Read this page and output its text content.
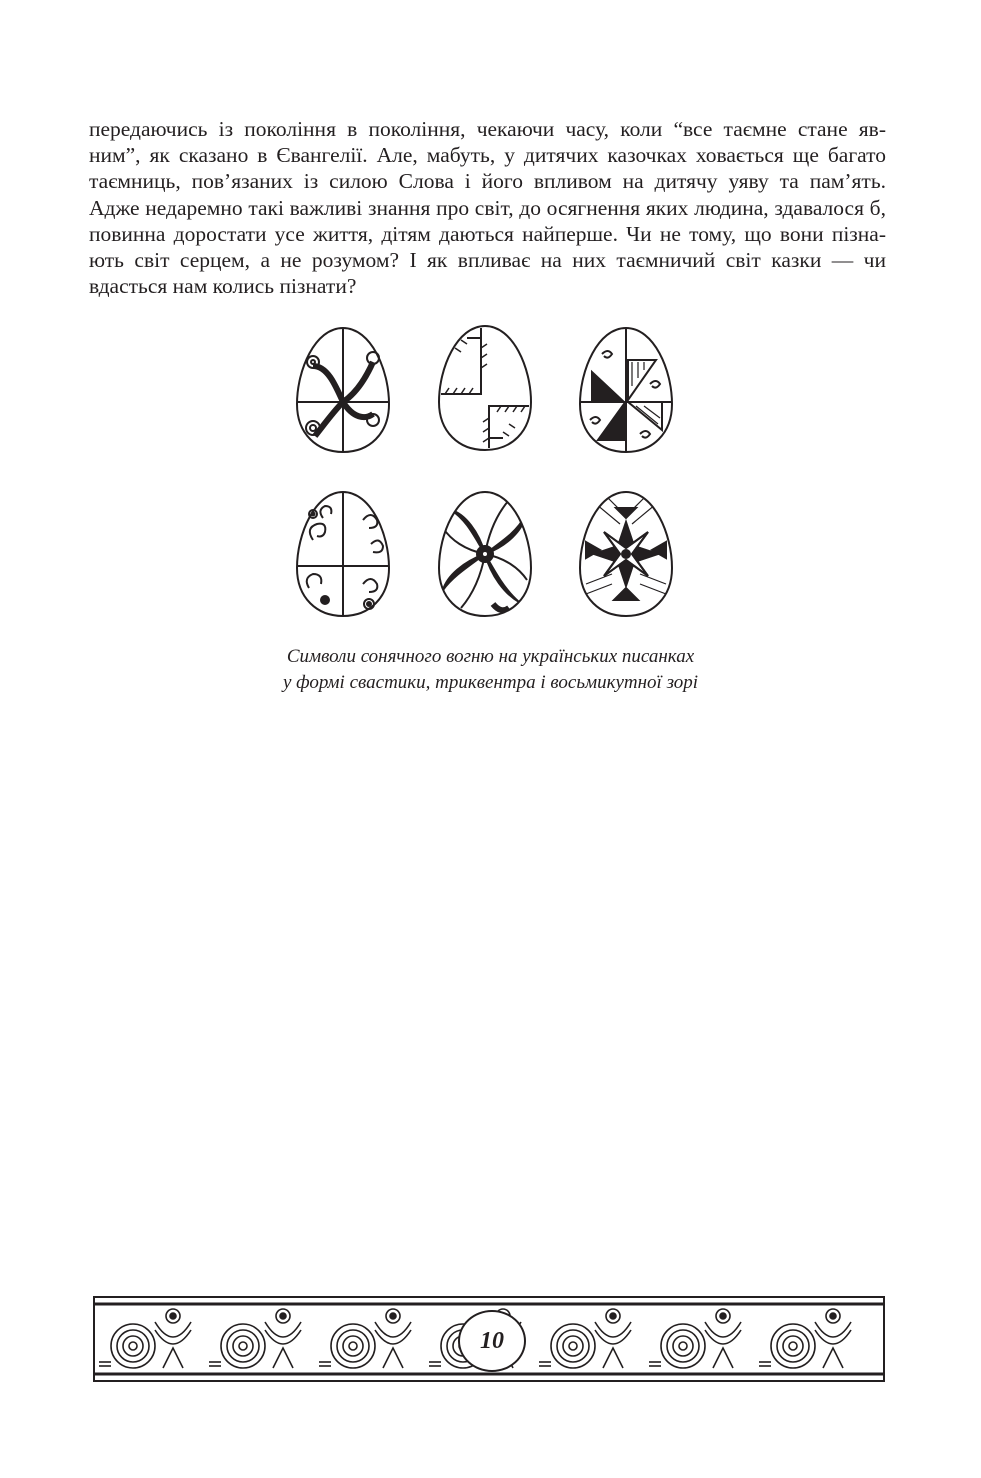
передаючись із покоління в покоління, чекаючи часу, коли “все таємне стане яв-
ним”, як сказано в Євангелії. Але, мабуть, у дитячих казочках ховається ще багато
таємниць, пов’язаних із силою Слова і його впливом на дитячу уяву та пам’ять.
Адже недаремно такі важливі знання про світ, до осягнення яких людина, здавалося б,
повинна доростати усе життя, дітям даються найперше. Чи не тому, що вони пізна-
ють світ серцем, а не розумом? І як впливає на них таємничий світ казки — чи
вдасться нам колись пізнати?

Символи сонячного вогню на українських писанках
у формі свастики, триквентра і восьмикутної зорі

10
